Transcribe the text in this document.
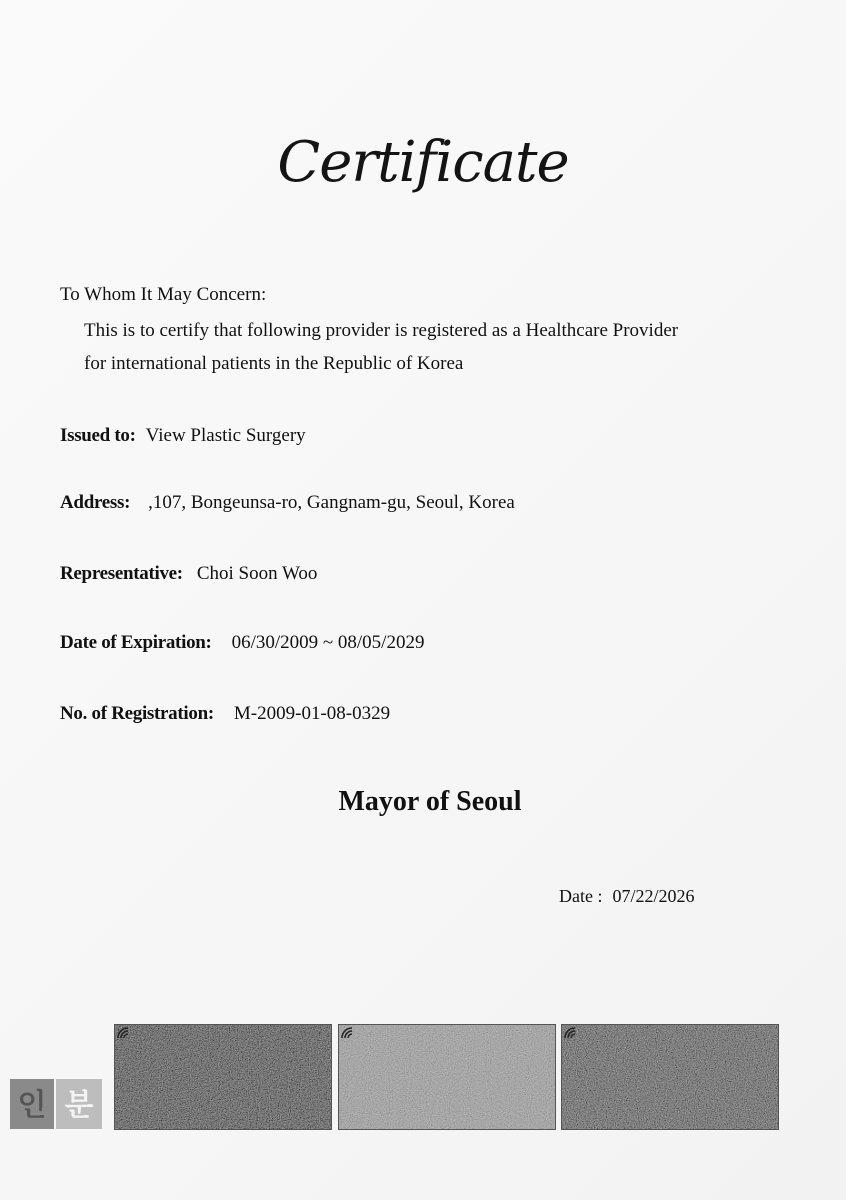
Certificate
To Whom It May Concern:
This is to certify that following provider is registered as a Healthcare Provider
for international patients in the Republic of Korea
Issued to: View Plastic Surgery
Address: ,107, Bongeunsa-ro, Gangnam-gu, Seoul, Korea
Representative: Choi Soon Woo
Date of Expiration: 06/30/2009 ~ 08/05/2029
No. of Registration: M-2009-01-08-0329
Mayor of Seoul
Date : 07/22/2026
인 분
